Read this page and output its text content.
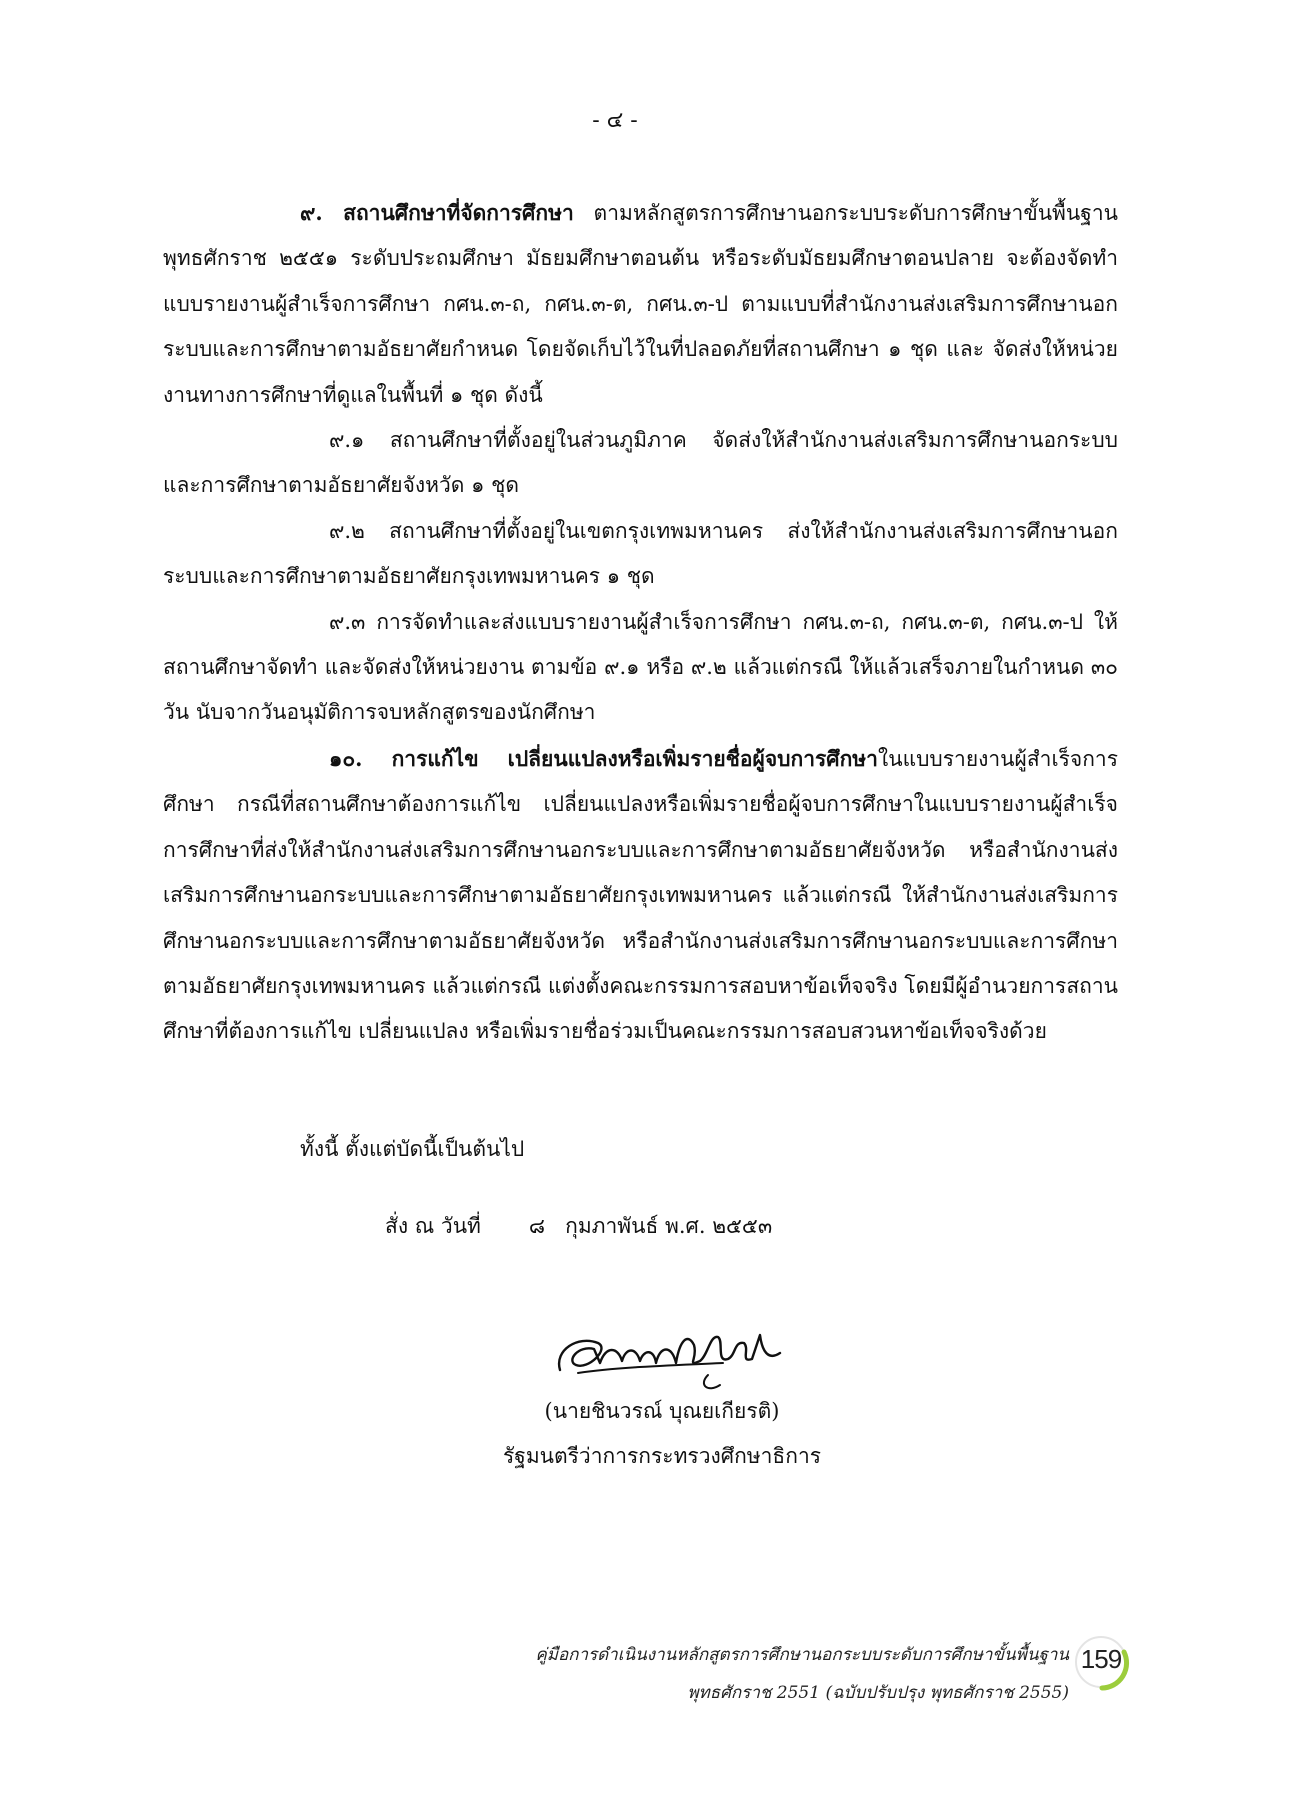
- ๔ -

๙. สถานศึกษาที่จัดการศึกษา ตามหลักสูตรการศึกษานอกระบบระดับการศึกษาขั้นพื้นฐาน พุทธศักราช ๒๕๕๑ ระดับประถมศึกษา มัธยมศึกษาตอนต้น หรือระดับมัธยมศึกษาตอนปลาย จะต้องจัดทำแบบรายงานผู้สำเร็จการศึกษา กศน.๓-ถ, กศน.๓-ต, กศน.๓-ป ตามแบบที่สำนักงานส่งเสริมการศึกษานอกระบบและการศึกษาตามอัธยาศัยกำหนด โดยจัดเก็บไว้ในที่ปลอดภัยที่สถานศึกษา ๑ ชุด และ จัดส่งให้หน่วยงานทางการศึกษาที่ดูแลในพื้นที่ ๑ ชุด ดังนี้

๙.๑ สถานศึกษาที่ตั้งอยู่ในส่วนภูมิภาค จัดส่งให้สำนักงานส่งเสริมการศึกษานอกระบบและการศึกษาตามอัธยาศัยจังหวัด ๑ ชุด

๙.๒ สถานศึกษาที่ตั้งอยู่ในเขตกรุงเทพมหานคร ส่งให้สำนักงานส่งเสริมการศึกษานอกระบบและการศึกษาตามอัธยาศัยกรุงเทพมหานคร ๑ ชุด

๙.๓ การจัดทำและส่งแบบรายงานผู้สำเร็จการศึกษา กศน.๓-ถ, กศน.๓-ต, กศน.๓-ป ให้สถานศึกษาจัดทำ และจัดส่งให้หน่วยงาน ตามข้อ ๙.๑ หรือ ๙.๒ แล้วแต่กรณี ให้แล้วเสร็จภายในกำหนด ๓๐ วัน นับจากวันอนุมัติการจบหลักสูตรของนักศึกษา

๑๐. การแก้ไข เปลี่ยนแปลงหรือเพิ่มรายชื่อผู้จบการศึกษาในแบบรายงานผู้สำเร็จการศึกษา กรณีที่สถานศึกษาต้องการแก้ไข เปลี่ยนแปลงหรือเพิ่มรายชื่อผู้จบการศึกษาในแบบรายงานผู้สำเร็จการศึกษาที่ส่งให้สำนักงานส่งเสริมการศึกษานอกระบบและการศึกษาตามอัธยาศัยจังหวัด หรือสำนักงานส่งเสริมการศึกษานอกระบบและการศึกษาตามอัธยาศัยกรุงเทพมหานคร แล้วแต่กรณี ให้สำนักงานส่งเสริมการศึกษานอกระบบและการศึกษาตามอัธยาศัยจังหวัด หรือสำนักงานส่งเสริมการศึกษานอกระบบและการศึกษาตามอัธยาศัยกรุงเทพมหานคร แล้วแต่กรณี แต่งตั้งคณะกรรมการสอบหาข้อเท็จจริง โดยมีผู้อำนวยการสถานศึกษาที่ต้องการแก้ไข เปลี่ยนแปลง หรือเพิ่มรายชื่อร่วมเป็นคณะกรรมการสอบสวนหาข้อเท็จจริงด้วย

ทั้งนี้ ตั้งแต่บัดนี้เป็นต้นไป
สั่ง ณ วันที่ ๘ กุมภาพันธ์ พ.ศ. ๒๕๕๓
(นายชินวรณ์ บุณยเกียรติ)
รัฐมนตรีว่าการกระทรวงศึกษาธิการ
คู่มือการดำเนินงานหลักสูตรการศึกษานอกระบบระดับการศึกษาขั้นพื้นฐาน
พุทธศักราช 2551 (ฉบับปรับปรุง พุทธศักราช 2555)
159
